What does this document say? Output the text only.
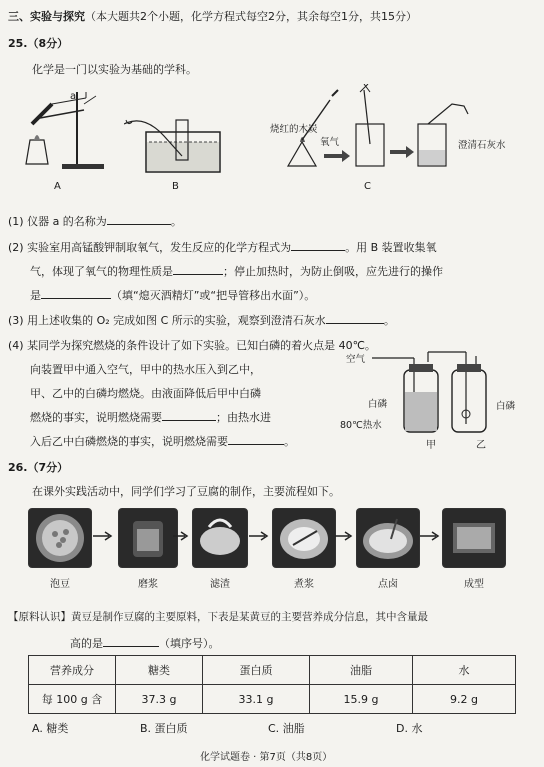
三、实验与探究（本大题共2个小题，化学方程式每空2分，其余每空1分，共15分）
25.（8分）
化学是一门以实验为基础的学科。
a
A	B
烧红的木炭
氧气	澄清石灰水
C
(1) 仪器 a 的名称为	。
(2) 实验室用高锰酸钾制取氧气，发生反应的化学方程式为	。用 B 装置收集氧
气，体现了氧气的物理性质是	；停止加热时，为防止倒吸，应先进行的操作
是	（填“熄灭酒精灯”或“把导管移出水面”）。
(3) 用上述收集的 O₂ 完成如图 C 所示的实验，观察到澄清石灰水	。
(4) 某同学为探究燃烧的条件设计了如下实验。已知白磷的着火点是 40℃。
向装置甲中通入空气，甲中的热水压入到乙中，
甲、乙中的白磷均燃烧。由液面降低后甲中白磷
燃烧的事实，说明燃烧需要	；由热水进
入后乙中白磷燃烧的事实，说明燃烧需要	。
空气
白磷
80℃热水
白磷
甲	乙
26.（7分）
在课外实践活动中，同学们学习了豆腐的制作，主要流程如下。
泡豆	磨浆	滤渣	煮浆	点卤	成型
【原料认识】黄豆是制作豆腐的主要原料，下表是某黄豆的主要营养成分信息，其中含量最
高的是	（填序号）。
营养成分	糖类	蛋白质	油脂	水
每 100 g 含	37.3 g	33.1 g	15.9 g	9.2 g
A. 糖类	B. 蛋白质	C. 油脂	D. 水
化学试题卷 · 第7页（共8页）
